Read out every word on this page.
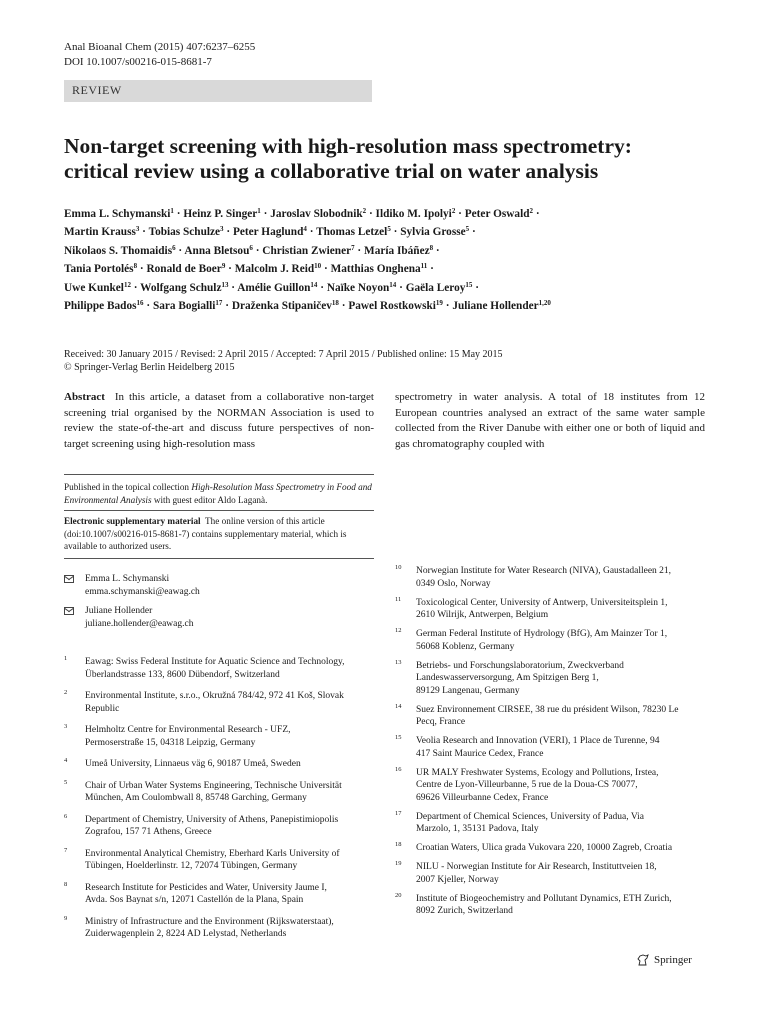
Anal Bioanal Chem (2015) 407:6237–6255
DOI 10.1007/s00216-015-8681-7
REVIEW
Non-target screening with high-resolution mass spectrometry:
critical review using a collaborative trial on water analysis
Emma L. Schymanski$^1$ · Heinz P. Singer$^1$ · Jaroslav Slobodnik$^2$ · Ildiko M. Ipolyi$^2$ · Peter Oswald$^2$ ·
Martin Krauss$^3$ · Tobias Schulze$^3$ · Peter Haglund$^4$ · Thomas Letzel$^5$ · Sylvia Grosse$^5$ ·
Nikolaos S. Thomaidis$^6$ · Anna Bletsou$^6$ · Christian Zwiener$^7$ · María Ibáñez$^8$ ·
Tania Portolés$^8$ · Ronald de Boer$^9$ · Malcolm J. Reid$^{10}$ · Matthias Onghena$^{11}$ ·
Uwe Kunkel$^{12}$ · Wolfgang Schulz$^{13}$ · Amélie Guillon$^{14}$ · Naïke Noyon$^{14}$ · Gaëla Leroy$^{15}$ ·
Philippe Bados$^{16}$ · Sara Bogialli$^{17}$ · Draženka Stipaničev$^{18}$ · Pawel Rostkowski$^{19}$ · Juliane Hollender$^{1,20}$
Received: 30 January 2015 / Revised: 2 April 2015 / Accepted: 7 April 2015 / Published online: 15 May 2015
© Springer-Verlag Berlin Heidelberg 2015
Abstract In this article, a dataset from a collaborative non-target screening trial organised by the NORMAN Association is used to review the state-of-the-art and discuss future perspectives of non-target screening using high-resolution mass
spectrometry in water analysis. A total of 18 institutes from 12 European countries analysed an extract of the same water sample collected from the River Danube with either one or both of liquid and gas chromatography coupled with
Published in the topical collection High-Resolution Mass Spectrometry in Food and Environmental Analysis with guest editor Aldo Laganà.
Electronic supplementary material The online version of this article (doi:10.1007/s00216-015-8681-7) contains supplementary material, which is available to authorized users.
Emma L. Schymanski
emma.schymanski@eawag.ch
Juliane Hollender
juliane.hollender@eawag.ch
1 Eawag: Swiss Federal Institute for Aquatic Science and Technology,
Überlandstrasse 133, 8600 Dübendorf, Switzerland
2 Environmental Institute, s.r.o., Okružná 784/42, 972 41 Koš, Slovak
Republic
3 Helmholtz Centre for Environmental Research - UFZ,
Permoserstraße 15, 04318 Leipzig, Germany
4 Umeå University, Linnaeus väg 6, 90187 Umeå, Sweden
5 Chair of Urban Water Systems Engineering, Technische Universität
München, Am Coulombwall 8, 85748 Garching, Germany
6 Department of Chemistry, University of Athens, Panepistimiopolis
Zografou, 157 71 Athens, Greece
7 Environmental Analytical Chemistry, Eberhard Karls University of
Tübingen, Hoelderlinstr. 12, 72074 Tübingen, Germany
8 Research Institute for Pesticides and Water, University Jaume I,
Avda. Sos Baynat s/n, 12071 Castellón de la Plana, Spain
9 Ministry of Infrastructure and the Environment (Rijkswaterstaat),
Zuiderwagenplein 2, 8224 AD Lelystad, Netherlands
10 Norwegian Institute for Water Research (NIVA), Gaustadalleen 21,
0349 Oslo, Norway
11 Toxicological Center, University of Antwerp, Universiteitsplein 1,
2610 Wilrijk, Antwerpen, Belgium
12 German Federal Institute of Hydrology (BfG), Am Mainzer Tor 1,
56068 Koblenz, Germany
13 Betriebs- und Forschungslaboratorium, Zweckverband
Landeswasserversorgung, Am Spitzigen Berg 1,
89129 Langenau, Germany
14 Suez Environnement CIRSEE, 38 rue du président Wilson, 78230 Le
Pecq, France
15 Veolia Research and Innovation (VERI), 1 Place de Turenne, 94
417 Saint Maurice Cedex, France
16 UR MALY Freshwater Systems, Ecology and Pollutions, Irstea,
Centre de Lyon-Villeurbanne, 5 rue de la Doua-CS 70077,
69626 Villeurbanne Cedex, France
17 Department of Chemical Sciences, University of Padua, Via
Marzolo, 1, 35131 Padova, Italy
18 Croatian Waters, Ulica grada Vukovara 220, 10000 Zagreb, Croatia
19 NILU - Norwegian Institute for Air Research, Instituttveien 18,
2007 Kjeller, Norway
20 Institute of Biogeochemistry and Pollutant Dynamics, ETH Zurich,
8092 Zurich, Switzerland
Springer
